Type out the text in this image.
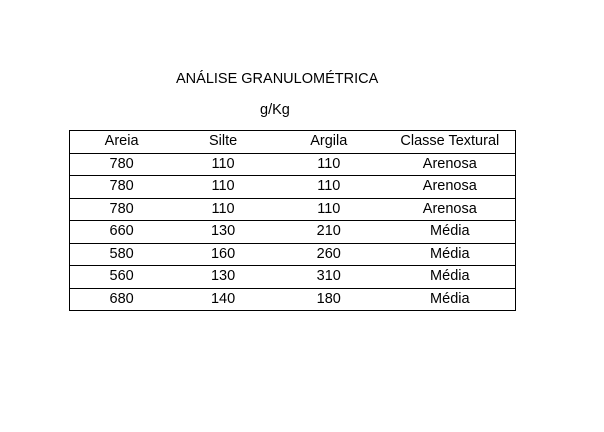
ANÁLISE GRANULOMÉTRICA
g/Kg
Areia	Silte	Argila	Classe Textural
780	110	110	Arenosa
780	110	110	Arenosa
780	110	110	Arenosa
660	130	210	Média
580	160	260	Média
560	130	310	Média
680	140	180	Média
